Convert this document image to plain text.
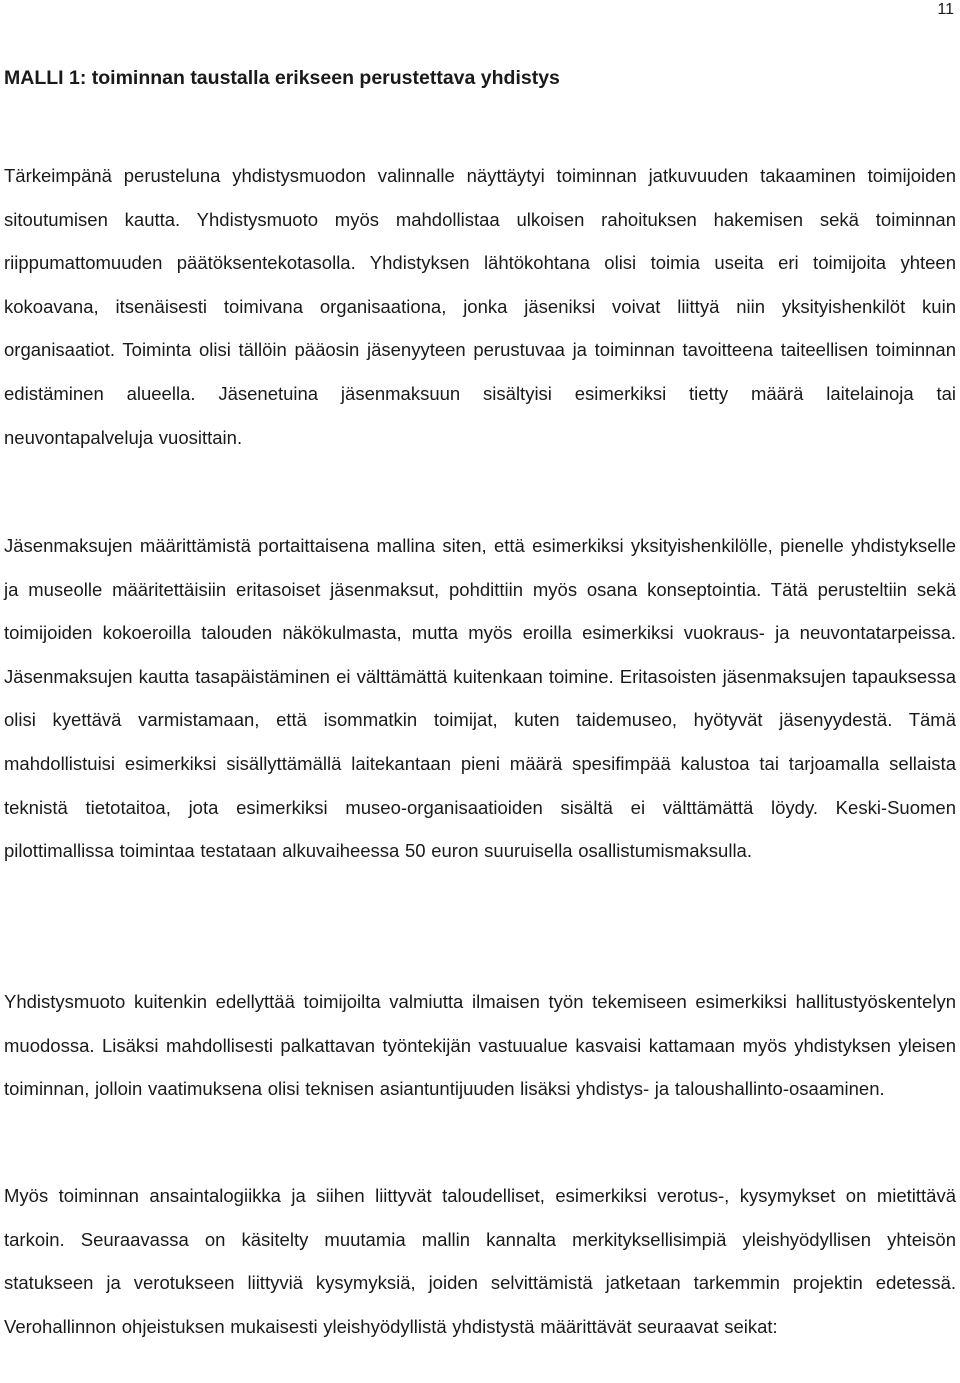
11
MALLI 1: toiminnan taustalla erikseen perustettava yhdistys

Tärkeimpänä perusteluna yhdistysmuodon valinnalle näyttäytyi toiminnan jatkuvuuden takaaminen toimijoiden sitoutumisen kautta. Yhdistysmuoto myös mahdollistaa ulkoisen rahoituksen hakemisen sekä toiminnan riippumattomuuden päätöksentekotasolla. Yhdistyksen lähtökohtana olisi toimia useita eri toimijoita yhteen kokoavana, itsenäisesti toimivana organisaationa, jonka jäseniksi voivat liittyä niin yksityishenkilöt kuin organisaatiot. Toiminta olisi tällöin pääosin jäsenyyteen perustuvaa ja toiminnan tavoitteena taiteellisen toiminnan edistäminen alueella. Jäsenetuina jäsenmaksuun sisältyisi esimerkiksi tietty määrä laitelainoja tai neuvontapalveluja vuosittain.

Jäsenmaksujen määrittämistä portaittaisena mallina siten, että esimerkiksi yksityishenkilölle, pienelle yhdistykselle ja museolle määritettäisiin eritasoiset jäsenmaksut, pohdittiin myös osana konseptointia. Tätä perusteltiin sekä toimijoiden kokoeroilla talouden näkökulmasta, mutta myös eroilla esimerkiksi vuokraus- ja neuvontatarpeissa. Jäsenmaksujen kautta tasapäistäminen ei välttämättä kuitenkaan toimine. Eritasoisten jäsenmaksujen tapauksessa olisi kyettävä varmistamaan, että isommatkin toimijat, kuten taidemuseo, hyötyvät jäsenyydestä. Tämä mahdollistuisi esimerkiksi sisällyttämällä laitekantaan pieni määrä spesifimpää kalustoa tai tarjoamalla sellaista teknistä tietotaitoa, jota esimerkiksi museo-organisaatioiden sisältä ei välttämättä löydy. Keski-Suomen pilottimallissa toimintaa testataan alkuvaiheessa 50 euron suuruisella osallistumismaksulla.

Yhdistysmuoto kuitenkin edellyttää toimijoilta valmiutta ilmaisen työn tekemiseen esimerkiksi hallitustyöskentelyn muodossa. Lisäksi mahdollisesti palkattavan työntekijän vastuualue kasvaisi kattamaan myös yhdistyksen yleisen toiminnan, jolloin vaatimuksena olisi teknisen asiantuntijuuden lisäksi yhdistys- ja taloushallinto-osaaminen.

Myös toiminnan ansaintalogiikka ja siihen liittyvät taloudelliset, esimerkiksi verotus-, kysymykset on mietittävä tarkoin. Seuraavassa on käsitelty muutamia mallin kannalta merkityksellisimpiä yleishyödyllisen yhteisön statukseen ja verotukseen liittyviä kysymyksiä, joiden selvittämistä jatketaan tarkemmin projektin edetessä. Verohallinnon ohjeistuksen mukaisesti yleishyödyllistä yhdistystä määrittävät seuraavat seikat:
